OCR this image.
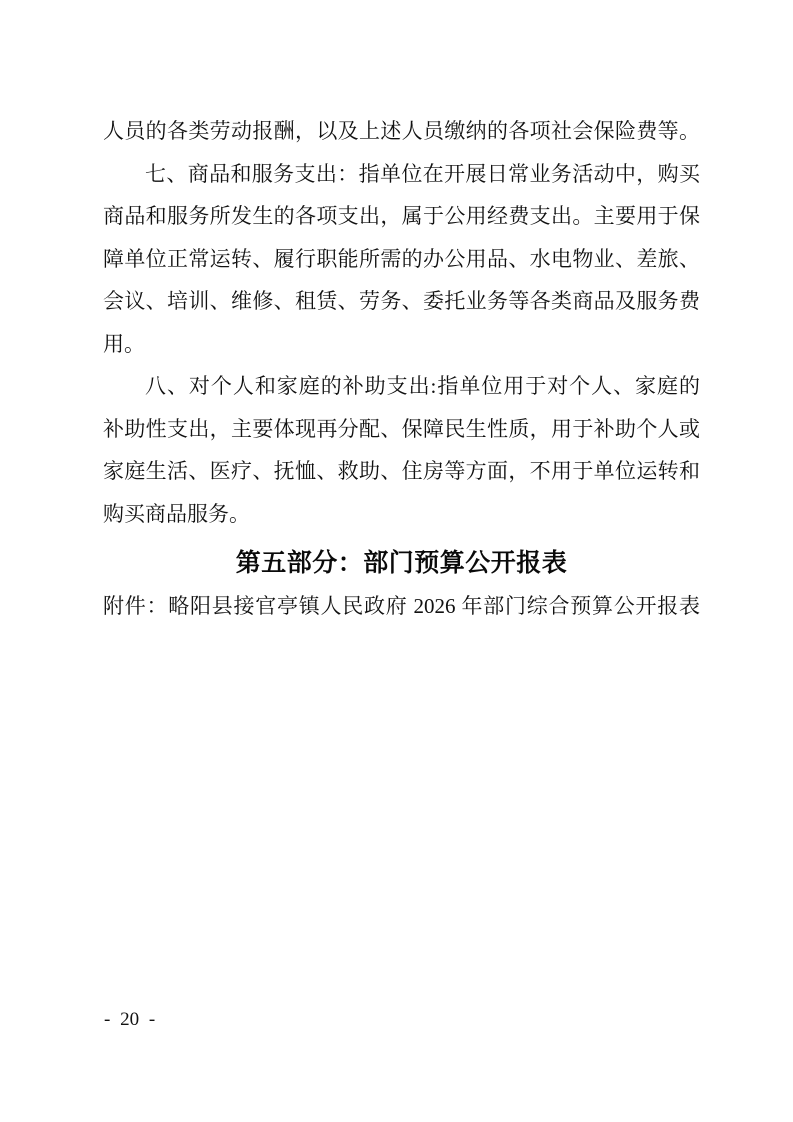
人员的各类劳动报酬，以及上述人员缴纳的各项社会保险费等。
七、商品和服务支出：指单位在开展日常业务活动中，购买
商品和服务所发生的各项支出，属于公用经费支出。主要用于保
障单位正常运转、履行职能所需的办公用品、水电物业、差旅、
会议、培训、维修、租赁、劳务、委托业务等各类商品及服务费
用。
八、对个人和家庭的补助支出:指单位用于对个人、家庭的
补助性支出，主要体现再分配、保障民生性质，用于补助个人或
家庭生活、医疗、抚恤、救助、住房等方面，不用于单位运转和
购买商品服务。
第五部分：部门预算公开报表
附件：略阳县接官亭镇人民政府 2026 年部门综合预算公开报表
- 20 -
